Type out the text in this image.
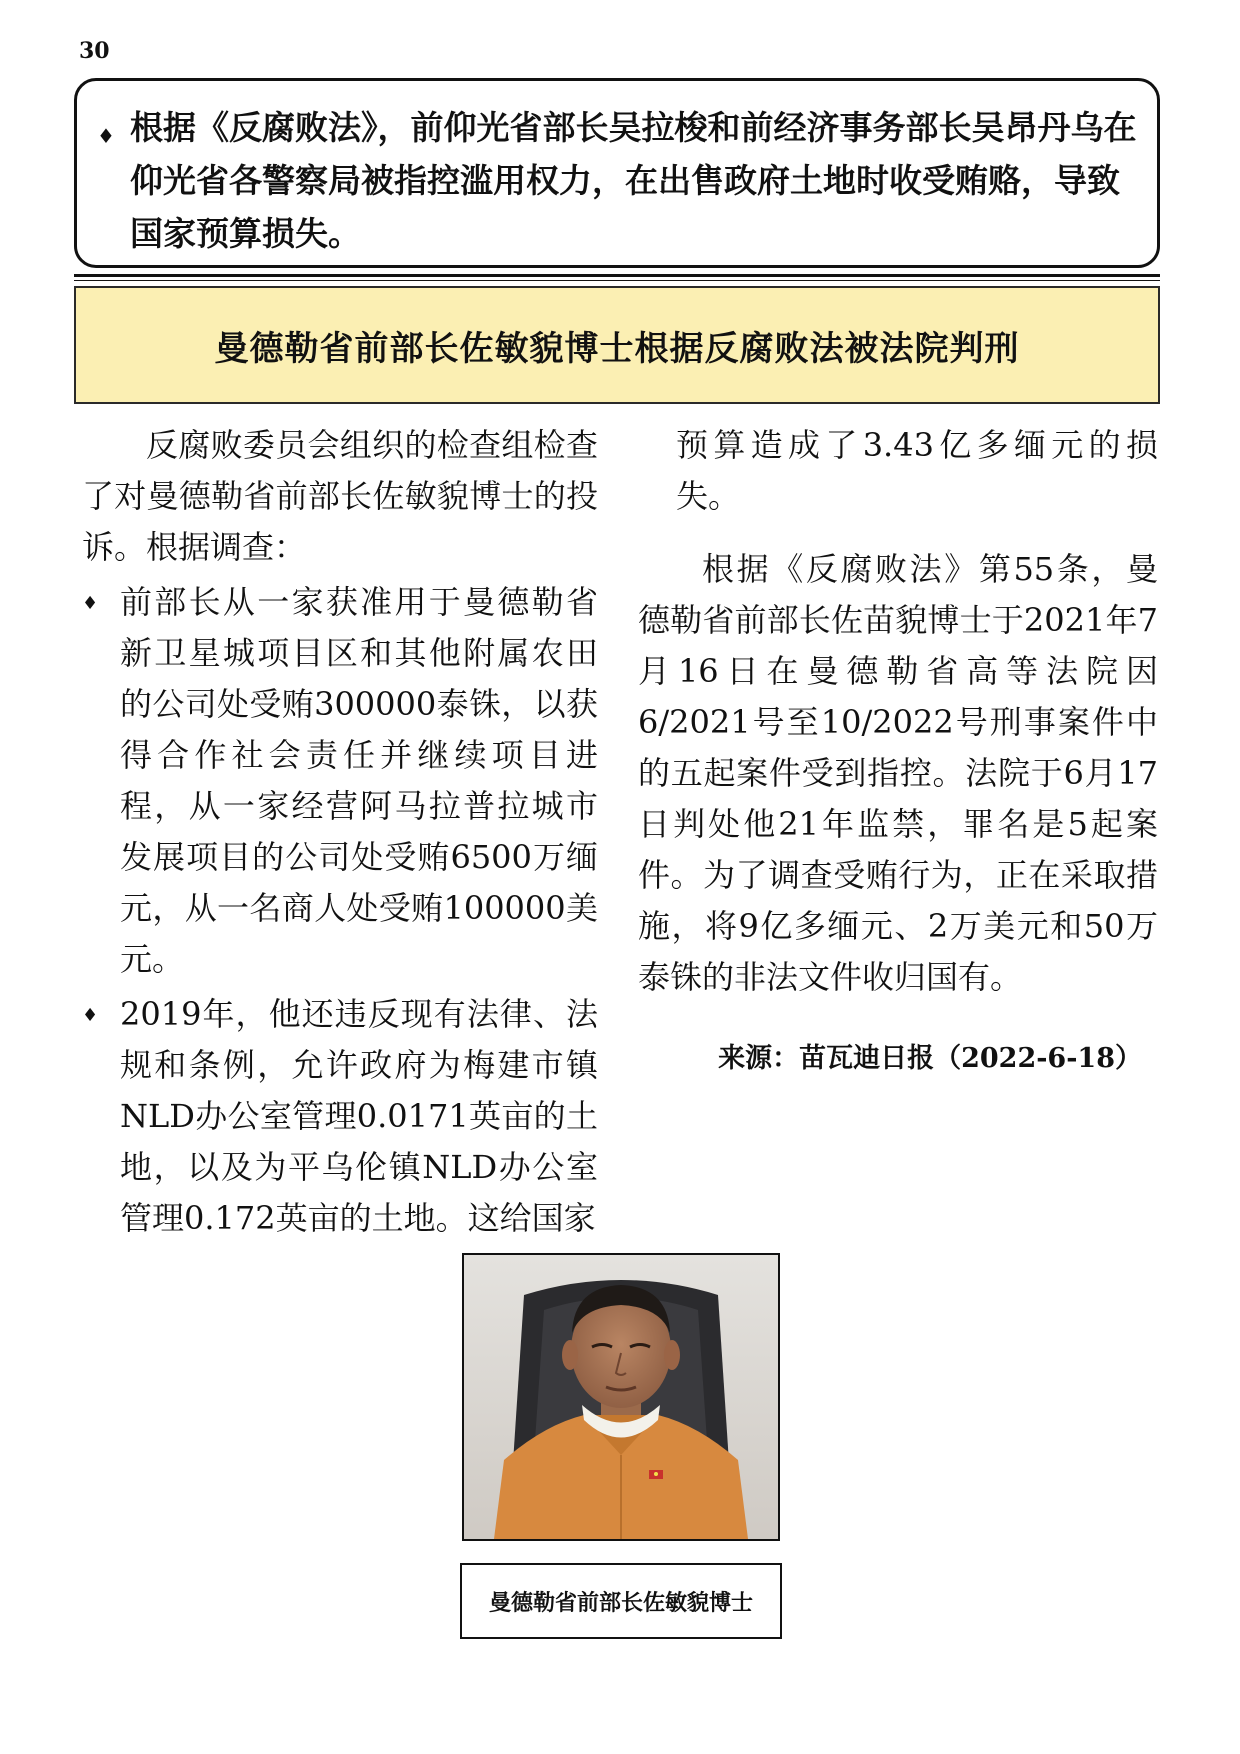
30
♦ 根据《反腐败法》，前仰光省部长吴拉梭和前经济事务部长吴昂丹乌在仰光省各警察局被指控滥用权力，在出售政府土地时收受贿赂，导致国家预算损失。
曼德勒省前部长佐敏貌博士根据反腐败法被法院判刑

反腐败委员会组织的检查组检查了对曼德勒省前部长佐敏貌博士的投诉。根据调查：

♦ 前部长从一家获准用于曼德勒省新卫星城项目区和其他附属农田的公司处受贿300000泰铢，以获得合作社会责任并继续项目进程，从一家经营阿马拉普拉城市发展项目的公司处受贿6500万缅元，从一名商人处受贿100000美元。
♦ 2019年，他还违反现有法律、法规和条例，允许政府为梅建市镇NLD办公室管理0.0171英亩的土地，以及为平乌伦镇NLD办公室管理0.172英亩的土地。这给国家

预算造成了3.43亿多缅元的损失。

根据《反腐败法》第55条，曼德勒省前部长佐苗貌博士于2021年7月16日在曼德勒省高等法院因6/2021号至10/2022号刑事案件中的五起案件受到指控。法院于6月17日判处他21年监禁，罪名是5起案件。为了调查受贿行为，正在采取措施，将9亿多缅元、2万美元和50万泰铢的非法文件收归国有。

来源：苗瓦迪日报（2022-6-18）
曼德勒省前部长佐敏貌博士
